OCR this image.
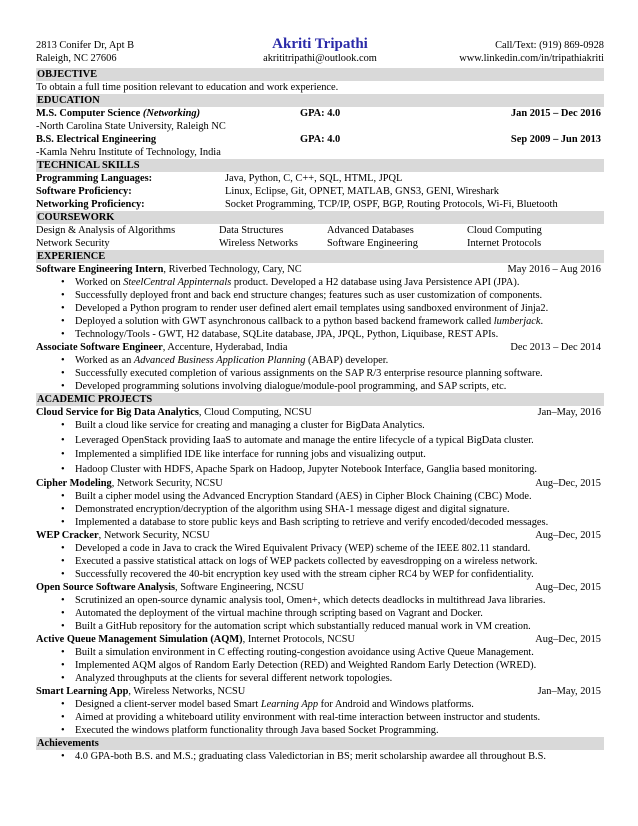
2813 Conifer Dr, Apt B
Raleigh, NC 27606
Akriti Tripathi
akrititripathi@outlook.com
Call/Text: (919) 869-0928
www.linkedin.com/in/tripathiakriti
OBJECTIVE
To obtain a full time position relevant to education and work experience.
EDUCATION
M.S. Computer Science (Networking)	GPA: 4.0	Jan 2015 – Dec 2016
-North Carolina State University, Raleigh NC
B.S. Electrical Engineering	GPA: 4.0	Sep 2009 – Jun 2013
-Kamla Nehru Institute of Technology, India
TECHNICAL SKILLS
Programming Languages:	Java, Python, C, C++, SQL, HTML, JPQL
Software Proficiency:	Linux, Eclipse, Git, OPNET, MATLAB, GNS3, GENI, Wireshark
Networking Proficiency:	Socket Programming, TCP/IP, OSPF, BGP, Routing Protocols, Wi-Fi, Bluetooth
COURSEWORK
Design & Analysis of Algorithms	Data Structures	Advanced Databases	Cloud Computing
Network Security	Wireless Networks	Software Engineering	Internet Protocols
EXPERIENCE
Software Engineering Intern, Riverbed Technology, Cary, NC	May 2016 – Aug 2016
• Worked on SteelCentral Appinternals product. Developed a H2 database using Java Persistence API (JPA).
• Successfully deployed front and back end structure changes; features such as user customization of components.
• Developed a Python program to render user defined alert email templates using sandboxed environment of Jinja2.
• Deployed a solution with GWT asynchronous callback to a python based backend framework called lumberjack.
• Technology/Tools - GWT, H2 database, SQLite database, JPA, JPQL, Python, Liquibase, REST APIs.
Associate Software Engineer, Accenture, Hyderabad, India	Dec 2013 – Dec 2014
• Worked as an Advanced Business Application Planning (ABAP) developer.
• Successfully executed completion of various assignments on the SAP R/3 enterprise resource planning software.
• Developed programming solutions involving dialogue/module-pool programming, and SAP scripts, etc.
ACADEMIC PROJECTS
Cloud Service for Big Data Analytics, Cloud Computing, NCSU	Jan–May, 2016
• Built a cloud like service for creating and managing a cluster for BigData Analytics.
• Leveraged OpenStack providing IaaS to automate and manage the entire lifecycle of a typical BigData cluster.
• Implemented a simplified IDE like interface for running jobs and visualizing output.
• Hadoop Cluster with HDFS, Apache Spark on Hadoop, Jupyter Notebook Interface, Ganglia based monitoring.
Cipher Modeling, Network Security, NCSU	Aug–Dec, 2015
• Built a cipher model using the Advanced Encryption Standard (AES) in Cipher Block Chaining (CBC) Mode.
• Demonstrated encryption/decryption of the algorithm using SHA-1 message digest and digital signature.
• Implemented a database to store public keys and Bash scripting to retrieve and verify encoded/decoded messages.
WEP Cracker, Network Security, NCSU	Aug–Dec, 2015
• Developed a code in Java to crack the Wired Equivalent Privacy (WEP) scheme of the IEEE 802.11 standard.
• Executed a passive statistical attack on logs of WEP packets collected by eavesdropping on a wireless network.
• Successfully recovered the 40-bit encryption key used with the stream cipher RC4 by WEP for confidentiality.
Open Source Software Analysis, Software Engineering, NCSU	Aug–Dec, 2015
• Scrutinized an open-source dynamic analysis tool, Omen+, which detects deadlocks in multithread Java libraries.
• Automated the deployment of the virtual machine through scripting based on Vagrant and Docker.
• Built a GitHub repository for the automation script which substantially reduced manual work in VM creation.
Active Queue Management Simulation (AQM), Internet Protocols, NCSU	Aug–Dec, 2015
• Built a simulation environment in C effecting routing-congestion avoidance using Active Queue Management.
• Implemented AQM algos of Random Early Detection (RED) and Weighted Random Early Detection (WRED).
• Analyzed throughputs at the clients for several different network topologies.
Smart Learning App, Wireless Networks, NCSU	Jan–May, 2015
• Designed a client-server model based Smart Learning App for Android and Windows platforms.
• Aimed at providing a whiteboard utility environment with real-time interaction between instructor and students.
• Executed the windows platform functionality through Java based Socket Programming.
Achievements
• 4.0 GPA-both B.S. and M.S.; graduating class Valedictorian in BS; merit scholarship awardee all throughout B.S.
